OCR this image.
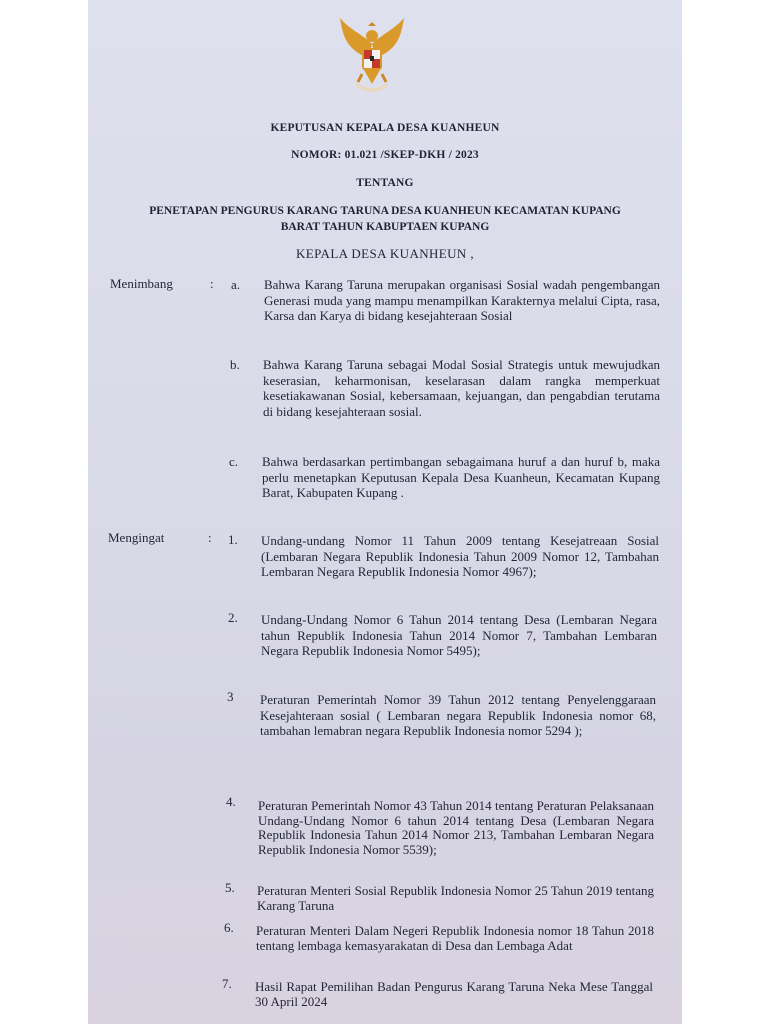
KEPUTUSAN KEPALA DESA KUANHEUN
NOMOR: 01.021 /SKEP-DKH / 2023
TENTANG
PENETAPAN PENGURUS KARANG TARUNA DESA KUANHEUN KECAMATAN KUPANG
BARAT TAHUN KABUPTAEN KUPANG
KEPALA DESA KUANHEUN ,
Menimbang	: a. Bahwa Karang Taruna merupakan organisasi Sosial wadah pengembangan Generasi muda yang mampu menampilkan Karakternya melalui Cipta, rasa, Karsa dan Karya di bidang kesejahteraan Sosial
b. Bahwa Karang Taruna sebagai Modal Sosial Strategis untuk mewujudkan keserasian, keharmonisan, keselarasan dalam rangka memperkuat kesetiakawanan Sosial, kebersamaan, kejuangan, dan pengabdian terutama di bidang kesejahteraan sosial.
c. Bahwa berdasarkan pertimbangan sebagaimana huruf a dan huruf b, maka perlu menetapkan Keputusan Kepala Desa Kuanheun, Kecamatan Kupang Barat, Kabupaten Kupang .
Mengingat	: 1. Undang-undang Nomor 11 Tahun 2009 tentang Kesejatreaan Sosial (Lembaran Negara Republik Indonesia Tahun 2009 Nomor 12, Tambahan Lembaran Negara Republik Indonesia Nomor 4967);
2. Undang-Undang Nomor 6 Tahun 2014 tentang Desa (Lembaran Negara tahun Republik Indonesia Tahun 2014 Nomor 7, Tambahan Lembaran Negara Republik Indonesia Nomor 5495);
3 Peraturan Pemerintah Nomor 39 Tahun 2012 tentang Penyelenggaraan Kesejahteraan sosial ( Lembaran negara Republik Indonesia nomor 68, tambahan lemabran negara Republik Indonesia nomor 5294 );
4. Peraturan Pemerintah Nomor 43 Tahun 2014 tentang Peraturan Pelaksanaan Undang-Undang Nomor 6 tahun 2014 tentang Desa (Lembaran Negara Republik Indonesia Tahun 2014 Nomor 213, Tambahan Lembaran Negara Republik Indonesia Nomor 5539);
5. Peraturan Menteri Sosial Republik Indonesia Nomor 25 Tahun 2019 tentang Karang Taruna
6. Peraturan Menteri Dalam Negeri Republik Indonesia nomor 18 Tahun 2018 tentang lembaga kemasyarakatan di Desa dan Lembaga Adat
7. Hasil Rapat Pemilihan Badan Pengurus Karang Taruna Neka Mese Tanggal 30 April 2024
